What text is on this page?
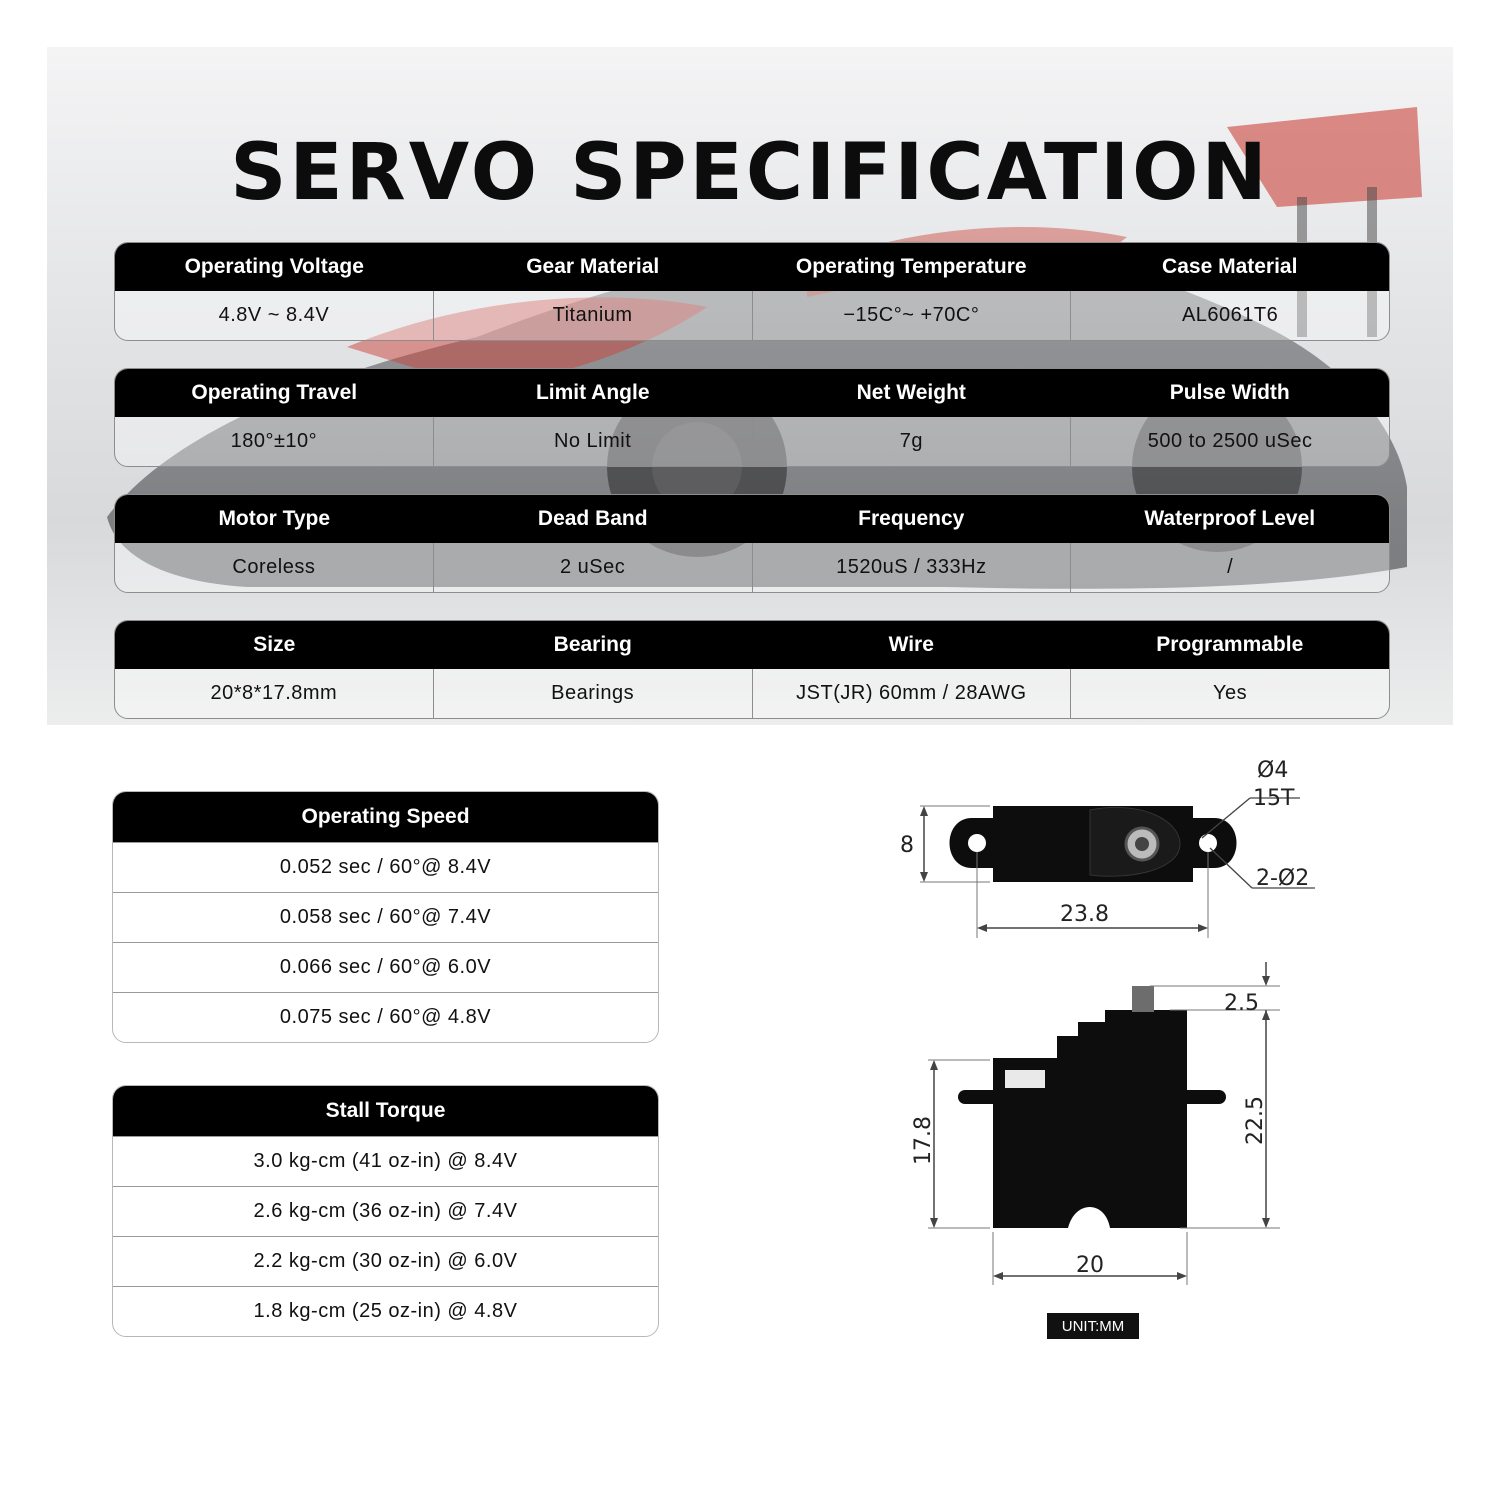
SERVO SPECIFICATION
Operating Voltage	Gear Material	Operating Temperature	Case Material
4.8V ~ 8.4V	Titanium	−15C°~ +70C°	AL6061T6
Operating Travel	Limit Angle	Net Weight	Pulse Width
180°±10°	No Limit	7g	500 to 2500 uSec
Motor Type	Dead Band	Frequency	Waterproof Level
Coreless	2 uSec	1520uS / 333Hz	/
Size	Bearing	Wire	Programmable
20*8*17.8mm	Bearings	JST(JR) 60mm / 28AWG	Yes
Operating Speed
0.052 sec / 60°@ 8.4V
0.058 sec / 60°@ 7.4V
0.066 sec / 60°@ 6.0V
0.075 sec / 60°@ 4.8V
Stall Torque
3.0 kg-cm (41 oz-in) @ 8.4V
2.6 kg-cm (36 oz-in) @ 7.4V
2.2 kg-cm (30 oz-in) @ 6.0V
1.8 kg-cm (25 oz-in) @ 4.8V
8
23.8
Ø4
15T
2-Ø2
2.5
22.5
17.8
20
UNIT:MM
